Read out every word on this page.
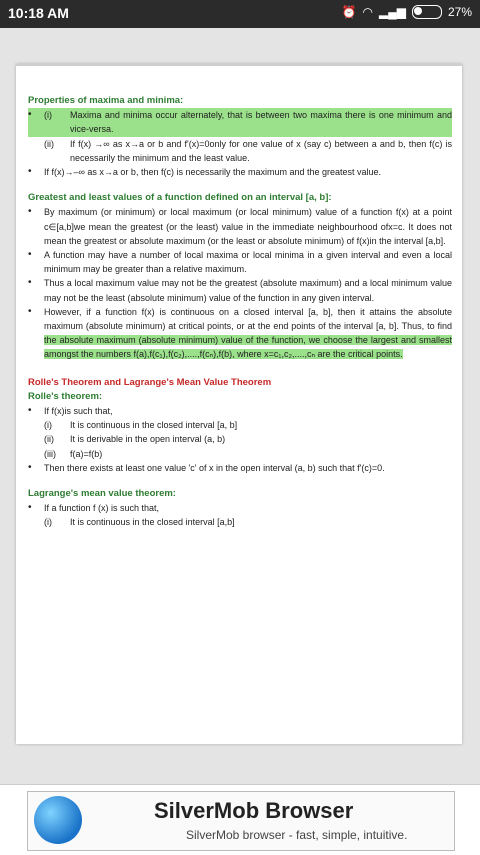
10:18 AM	⏰ ◠ ▂▄▆	27%
Properties of maxima and minima:
•	(i)	Maxima and minima occur alternately, that is between two maxima there is one minimum and vice-versa.
(ii)	If f(x) →∞ as x→a or b and f'(x)=0only for one value of x (say c) between a and b, then f(c) is necessarily the minimum and the least value.
•	If f(x)→–∞ as x→a or b, then f(c) is necessarily the maximum and the greatest value.
Greatest and least values of a function defined on an interval [a, b]:
•	By maximum (or minimum) or local maximum (or local minimum) value of a function f(x) at a point c∈[a,b]we mean the greatest (or the least) value in the immediate neighbourhood ofx=c. It does not mean the greatest or absolute maximum (or the least or absolute minimum) of f(x)in the interval [a,b].
•	A function may have a number of local maxima or local minima in a given interval and even a local minimum may be greater than a relative maximum.
•	Thus a local maximum value may not be the greatest (absolute maximum) and a local minimum value may not be the least (absolute minimum) value of the function in any given interval.
•	However, if a function f(x) is continuous on a closed interval [a, b], then it attains the absolute maximum (absolute minimum) at critical points, or at the end points of the interval [a, b]. Thus, to find the absolute maximum (absolute minimum) value of the function, we choose the largest and smallest amongst the numbers f(a),f(c₁),f(c₂),....,f(cₙ),f(b), where x=c₁,c₂,....,cₙ are the critical points.
Rolle's Theorem and Lagrange's Mean Value Theorem
Rolle's theorem:
•	If f(x)is such that,
(i)	It is continuous in the closed interval [a, b]
(ii)	It is derivable in the open interval (a, b)
(iii)	f(a)=f(b)
•	Then there exists at least one value 'c' of x in the open interval (a, b) such that f'(c)=0.
Lagrange's mean value theorem:
•	If a function f (x) is such that,
(i)	It is continuous in the closed interval [a,b]
SilverMob Browser
SilverMob browser - fast, simple, intuitive.
